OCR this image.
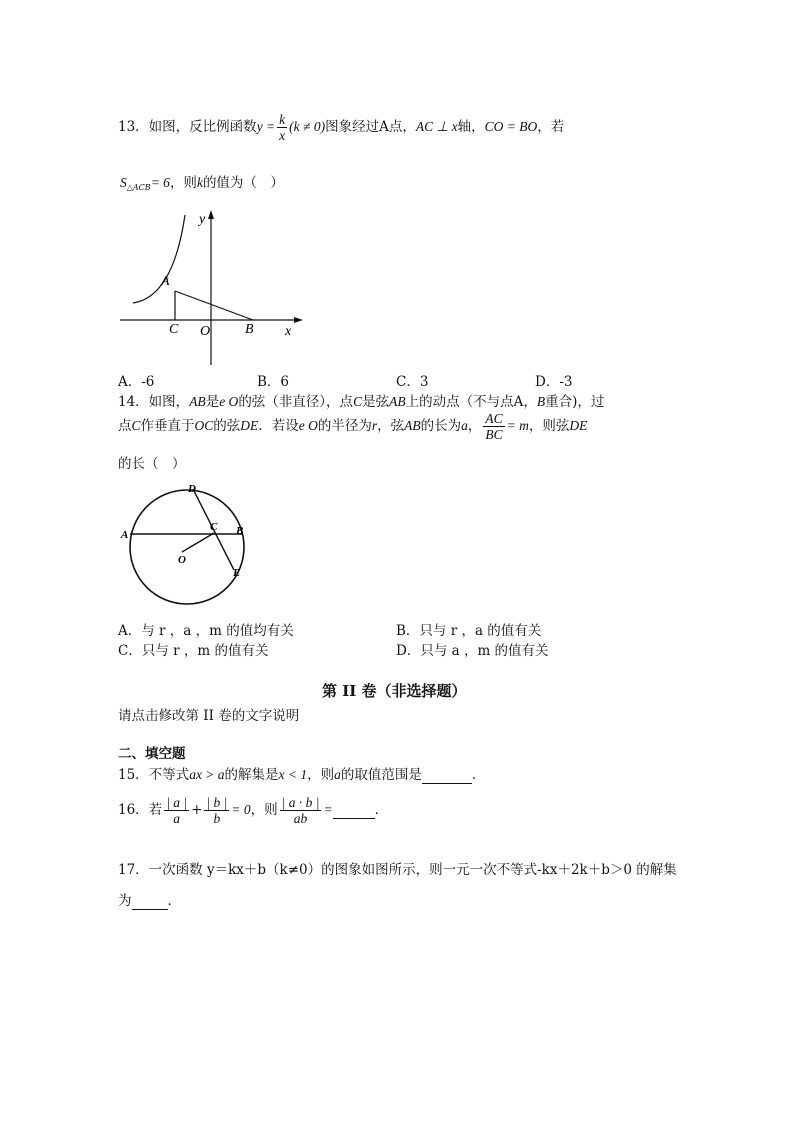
13．如图，反比例函数$y = \frac{k}{x} (k \ne 0)$图象经过A点，AC ⊥ x轴，CO = BO，若
$S_{\triangle ACB}= 6$，则k的值为（　）
y
A
C O B x
A．-6	B．6	C．3	D．-3
14．如图，AB是e O的弦（非直径），点C是弦AB上的动点（不与点A，B重合)，过
点C作垂直于OC的弦DE．若设e O的半径为r，弦AB的长为a， $\frac{AC}{BC} = m$，则弦DE
的长（　）
D
A
C B
O
E
A．与 r ，a ，m 的值均有关	B．只与 r ，a 的值有关
C．只与 r ，m 的值有关	D．只与 a ，m 的值有关
第 II 卷（非选择题）
请点击修改第 II 卷的文字说明
二、填空题
15．不等式ax > a的解集是x < 1，则a的取值范围是	．
16．若 $\frac{| a |}{a} + \frac{| b |}{b} = 0$，则 $\frac{| a \cdot b |}{ab}$ =	．
17．一次函数 y＝kx＋b（k≠0）的图象如图所示，则一元一次不等式-kx＋2k＋b＞0 的解集
为	．
